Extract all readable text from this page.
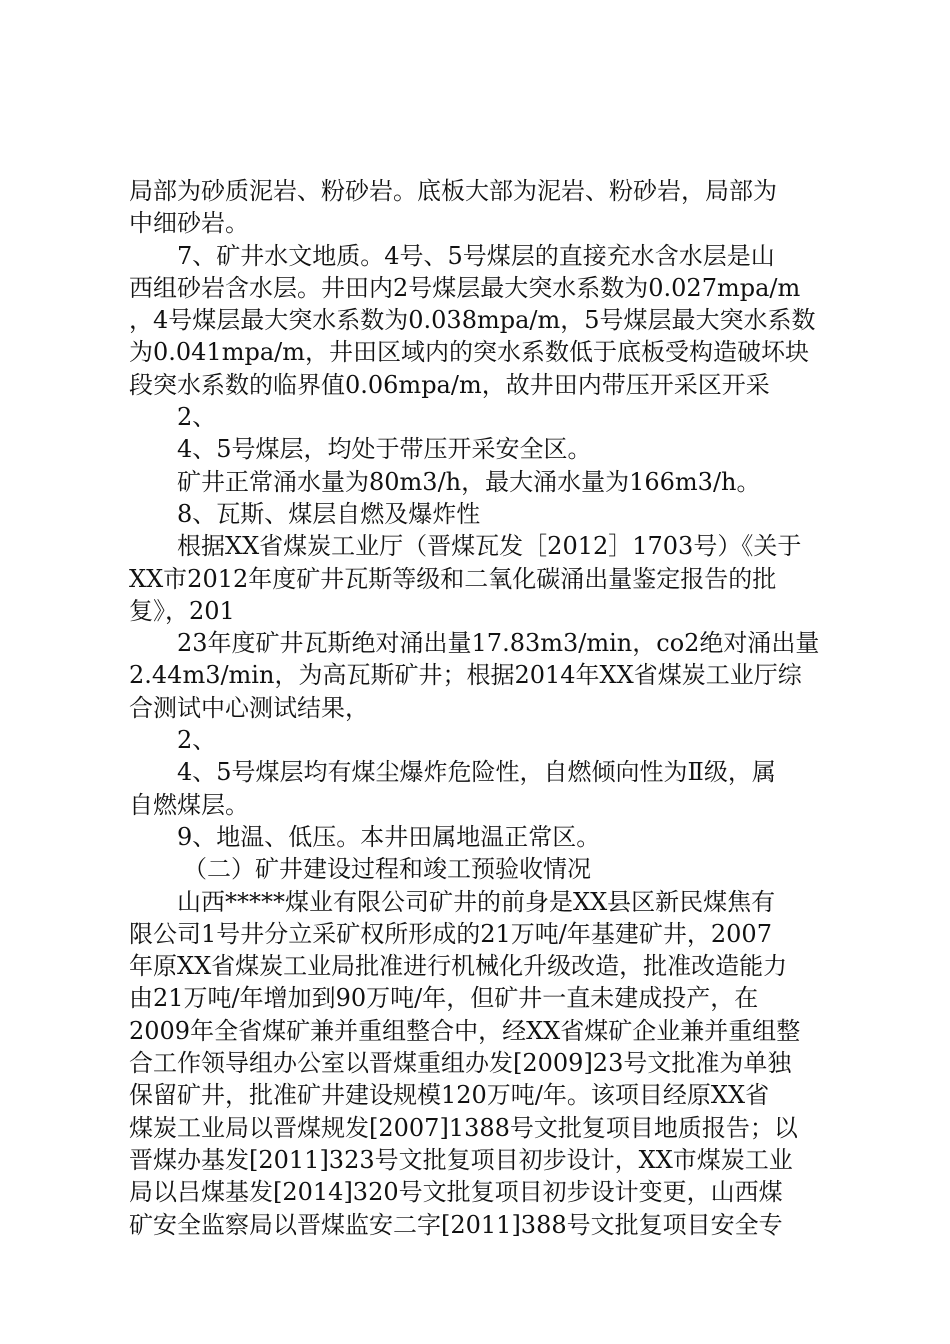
局部为砂质泥岩、粉砂岩。底板大部为泥岩、粉砂岩，局部为
中细砂岩。
7、矿井水文地质。4号、5号煤层的直接充水含水层是山
西组砂岩含水层。井田内2号煤层最大突水系数为0.027mpa/m
，4号煤层最大突水系数为0.038mpa/m，5号煤层最大突水系数
为0.041mpa/m，井田区域内的突水系数低于底板受构造破坏块
段突水系数的临界值0.06mpa/m，故井田内带压开采区开采
2、
4、5号煤层，均处于带压开采安全区。
矿井正常涌水量为80m3/h，最大涌水量为166m3/h。
8、瓦斯、煤层自燃及爆炸性
根据XX省煤炭工业厅（晋煤瓦发［2012］1703号）《关于
XX市2012年度矿井瓦斯等级和二氧化碳涌出量鉴定报告的批
复》，201
23年度矿井瓦斯绝对涌出量17.83m3/min，co2绝对涌出量
2.44m3/min，为高瓦斯矿井；根据2014年XX省煤炭工业厅综
合测试中心测试结果，
2、
4、5号煤层均有煤尘爆炸危险性，自燃倾向性为Ⅱ级，属
自燃煤层。
9、地温、低压。本井田属地温正常区。
（二）矿井建设过程和竣工预验收情况
山西*****煤业有限公司矿井的前身是XX县区新民煤焦有
限公司1号井分立采矿权所形成的21万吨/年基建矿井，2007
年原XX省煤炭工业局批准进行机械化升级改造，批准改造能力
由21万吨/年增加到90万吨/年，但矿井一直未建成投产，在
2009年全省煤矿兼并重组整合中，经XX省煤矿企业兼并重组整
合工作领导组办公室以晋煤重组办发[2009]23号文批准为单独
保留矿井，批准矿井建设规模120万吨/年。该项目经原XX省
煤炭工业局以晋煤规发[2007]1388号文批复项目地质报告；以
晋煤办基发[2011]323号文批复项目初步设计，XX市煤炭工业
局以吕煤基发[2014]320号文批复项目初步设计变更，山西煤
矿安全监察局以晋煤监安二字[2011]388号文批复项目安全专
